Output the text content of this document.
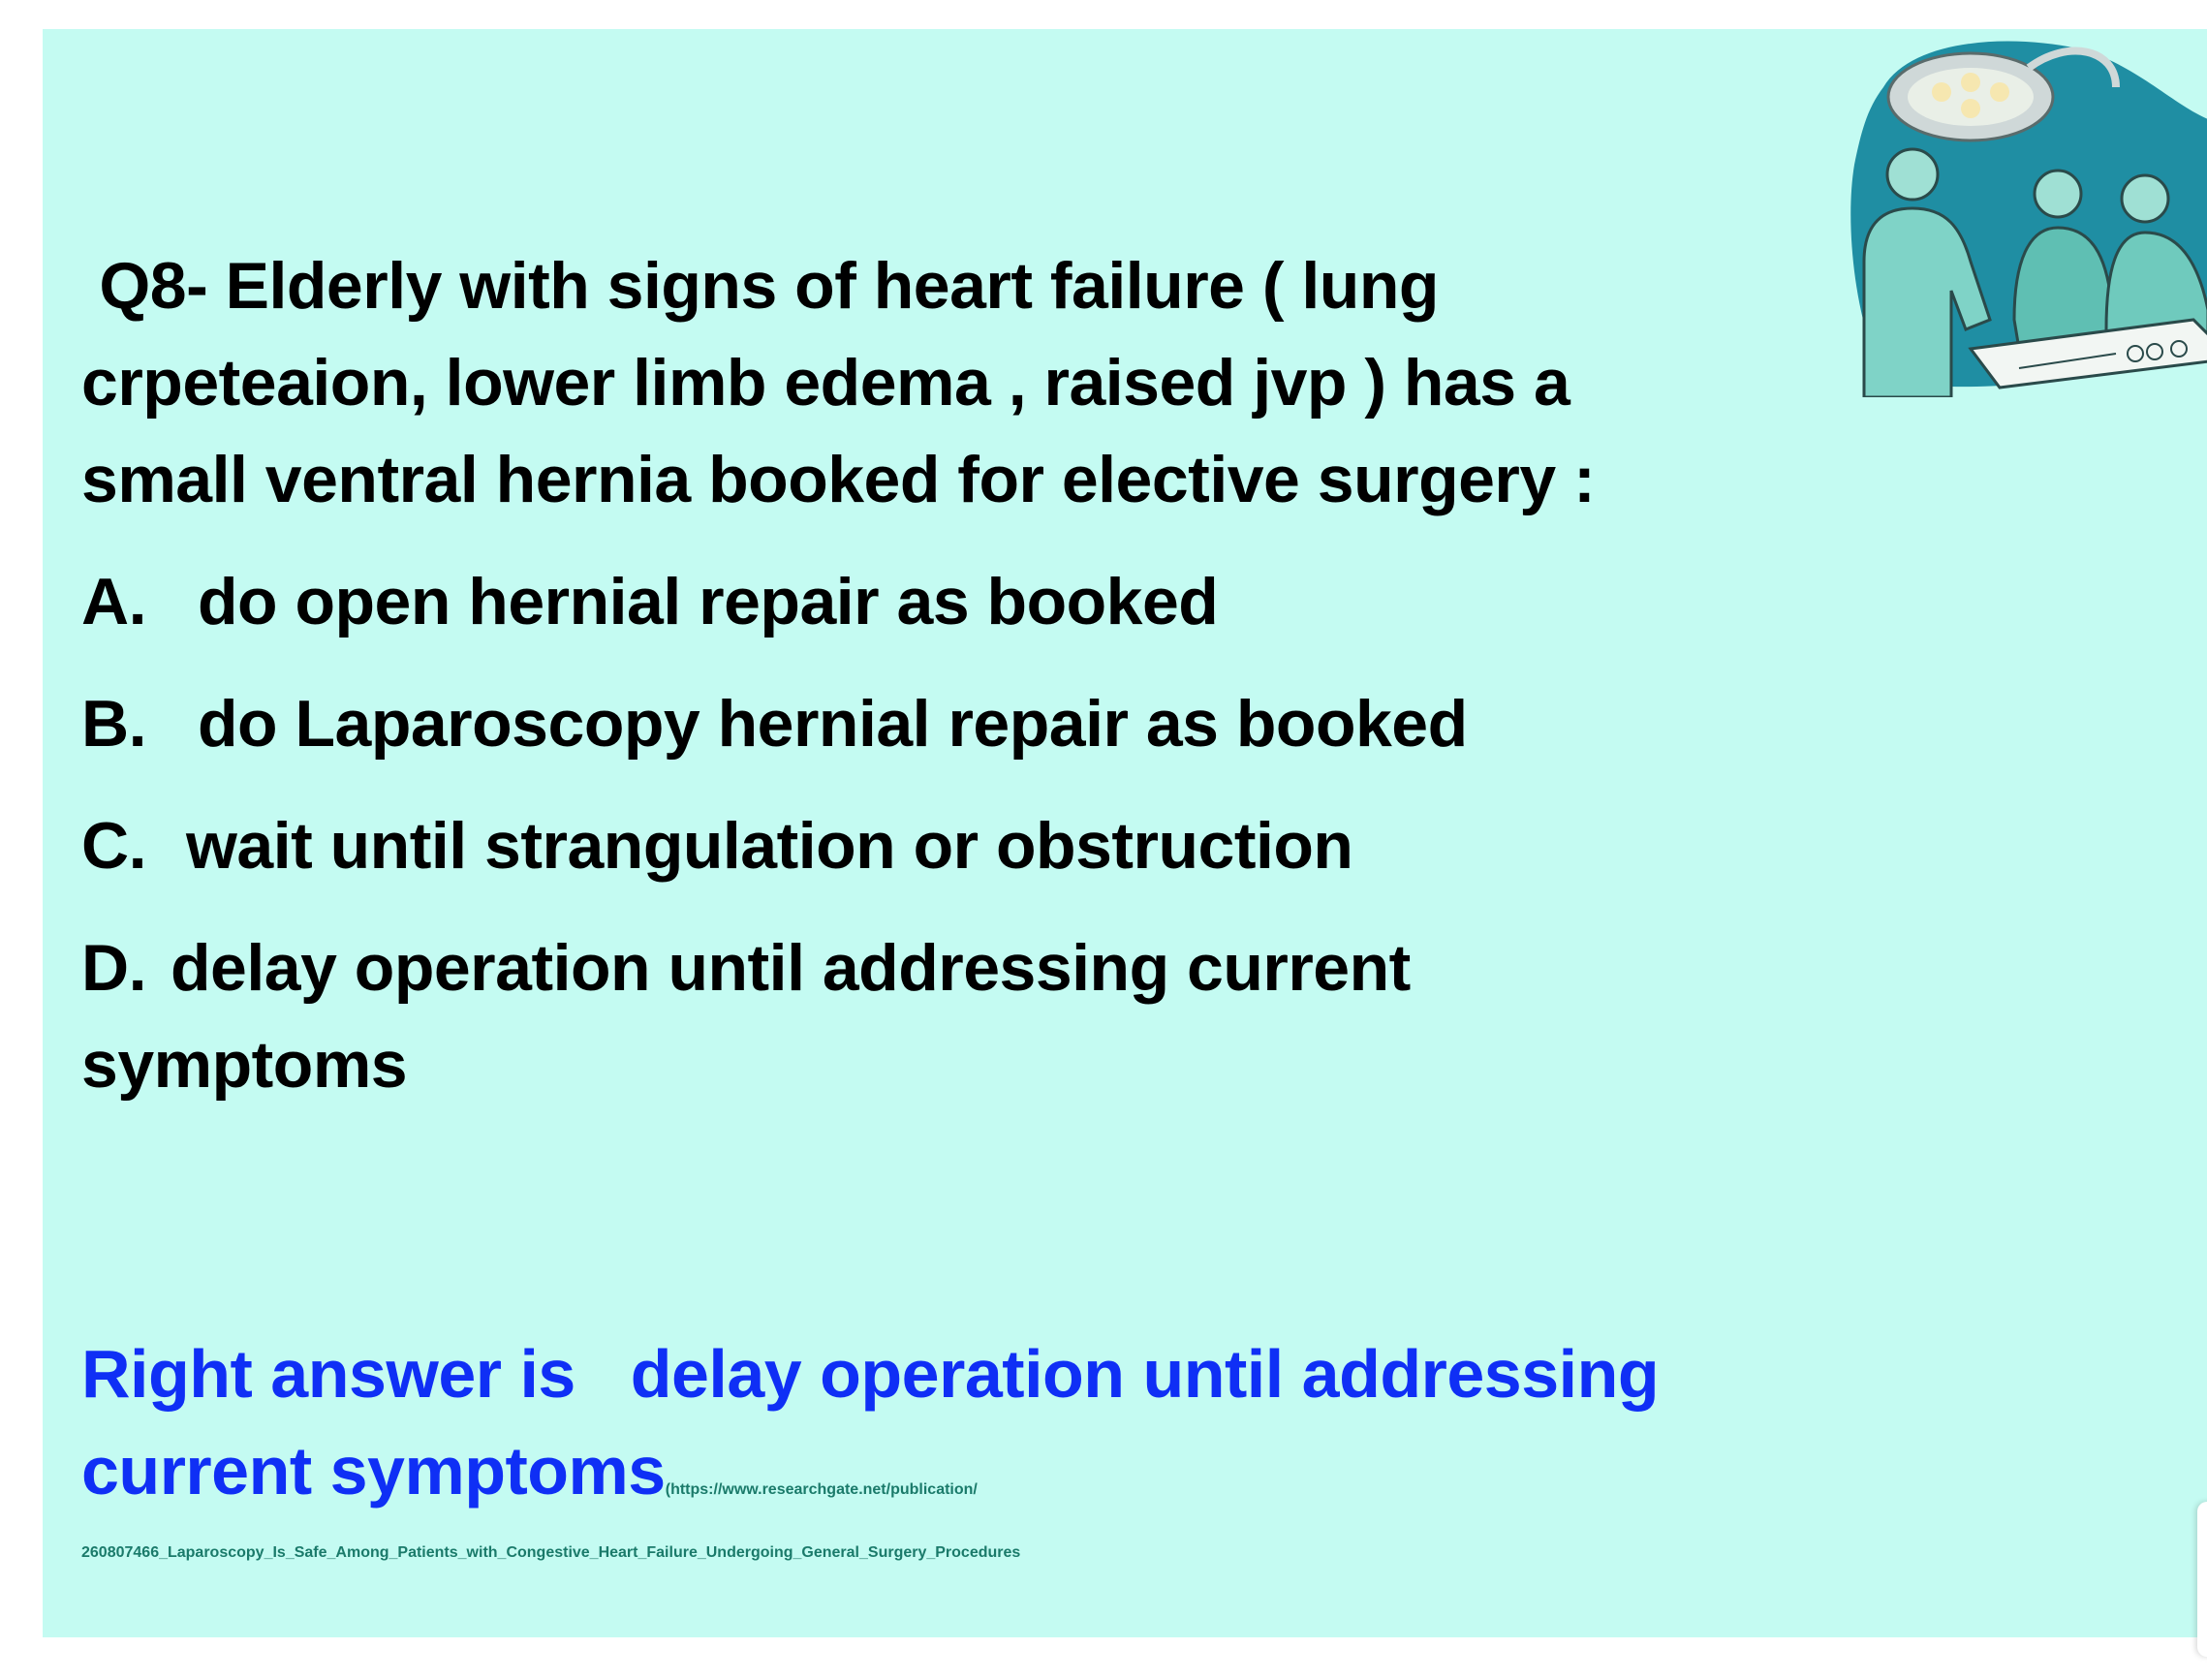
Q8- Elderly with signs of heart failure ( lung

crpeteaion, lower limb edema , raised jvp ) has a

small ventral hernia booked for elective surgery :

A. do open hernial repair as booked

B. do Laparoscopy hernial repair as booked

C. wait until strangulation or obstruction

D. delay operation until addressing current

symptoms

Right answer is   delay operation until addressing

current symptoms(https://www.researchgate.net/publication/

260807466_Laparoscopy_Is_Safe_Among_Patients_with_Congestive_Heart_Failure_Undergoing_General_Surgery_Procedures
